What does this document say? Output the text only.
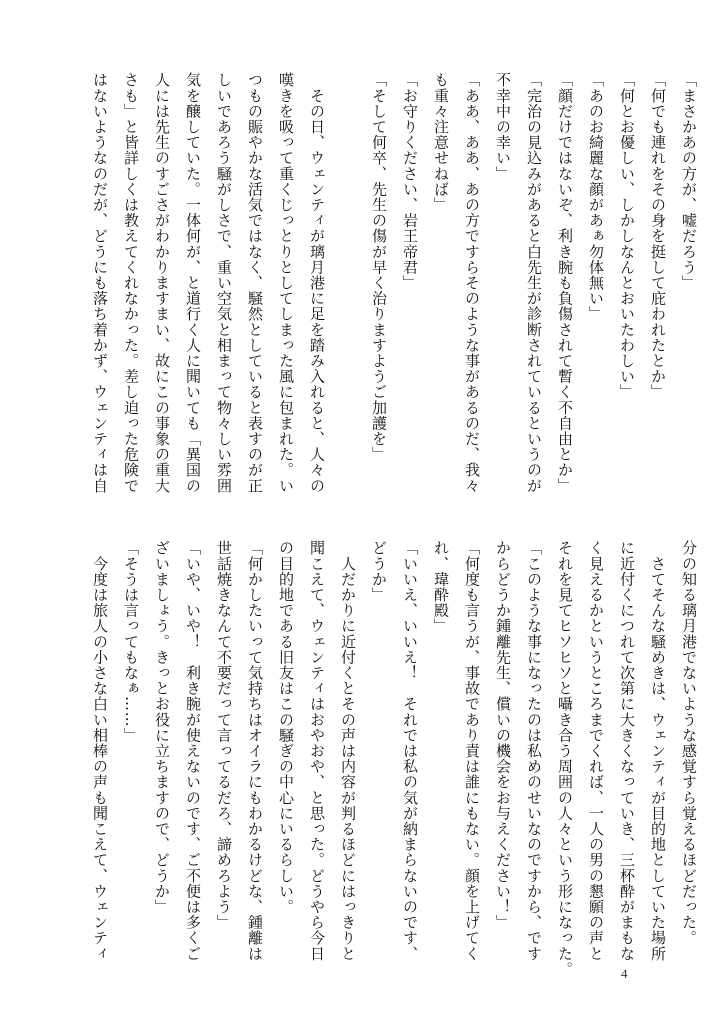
「まさかあの方が、嘘だろう」

「何でも連れをその身を挺して庇われたとか」

「何とお優しい、しかしなんとおいたわしい」

「あのお綺麗な顔があぁ勿体無い」

「顔だけではないぞ、利き腕も負傷されて暫く不自由とか」

「完治の見込みがあると白先生が診断されているというのが

不幸中の幸い」

「ああ、ああ、あの方ですらそのような事があるのだ、我々

も重々注意せねば」

「お守りください、岩王帝君」

「そして何卒、先生の傷が早く治りますようご加護を」

　その日、ウェンティが璃月港に足を踏み入れると、人々の

嘆きを吸って重くじっとりとしてしまった風に包まれた。い

つもの賑やかな活気ではなく、騒然としていると表すのが正

しいであろう騒がしさで、重い空気と相まって物々しい雰囲

気を醸していた。一体何が、と道行く人に聞いても「異国の

人には先生のすごさがわかりますまい、故にこの事象の重大

さも」と皆詳しくは教えてくれなかった。差し迫った危険で

はないようなのだが、どうにも落ち着かず、ウェンティは自

分の知る璃月港でないような感覚すら覚えるほどだった。

　さてそんな騒めきは、ウェンティが目的地としていた場所

に近付くにつれて次第に大きくなっていき、三杯酔がまもな

く見えるかというところまでくれば、一人の男の懇願の声と

それを見てヒソヒソと囁き合う周囲の人々という形になった。

「このような事になったのは私めのせいなのですから、です

からどうか鍾離先生、償いの機会をお与えください！」

「何度も言うが、事故であり責は誰にもない。顔を上げてく

れ、瑋酔殿」

「いいえ、いいえ！　それでは私の気が納まらないのです、

どうか」

　人だかりに近付くとその声は内容が判るほどにはっきりと

聞こえて、ウェンティはおやおや、と思った。どうやら今日

の目的地である旧友はこの騒ぎの中心にいるらしい。

「何かしたいって気持ちはオイラにもわかるけどな、鍾離は

世話焼きなんて不要だって言ってるだろ、諦めろよう」

「いや、いや！　利き腕が使えないのです、ご不便は多くご

ざいましょう。きっとお役に立ちますので、どうか」

「そうは言ってもなぁ……」

　今度は旅人の小さな白い相棒の声も聞こえて、ウェンティ

4
